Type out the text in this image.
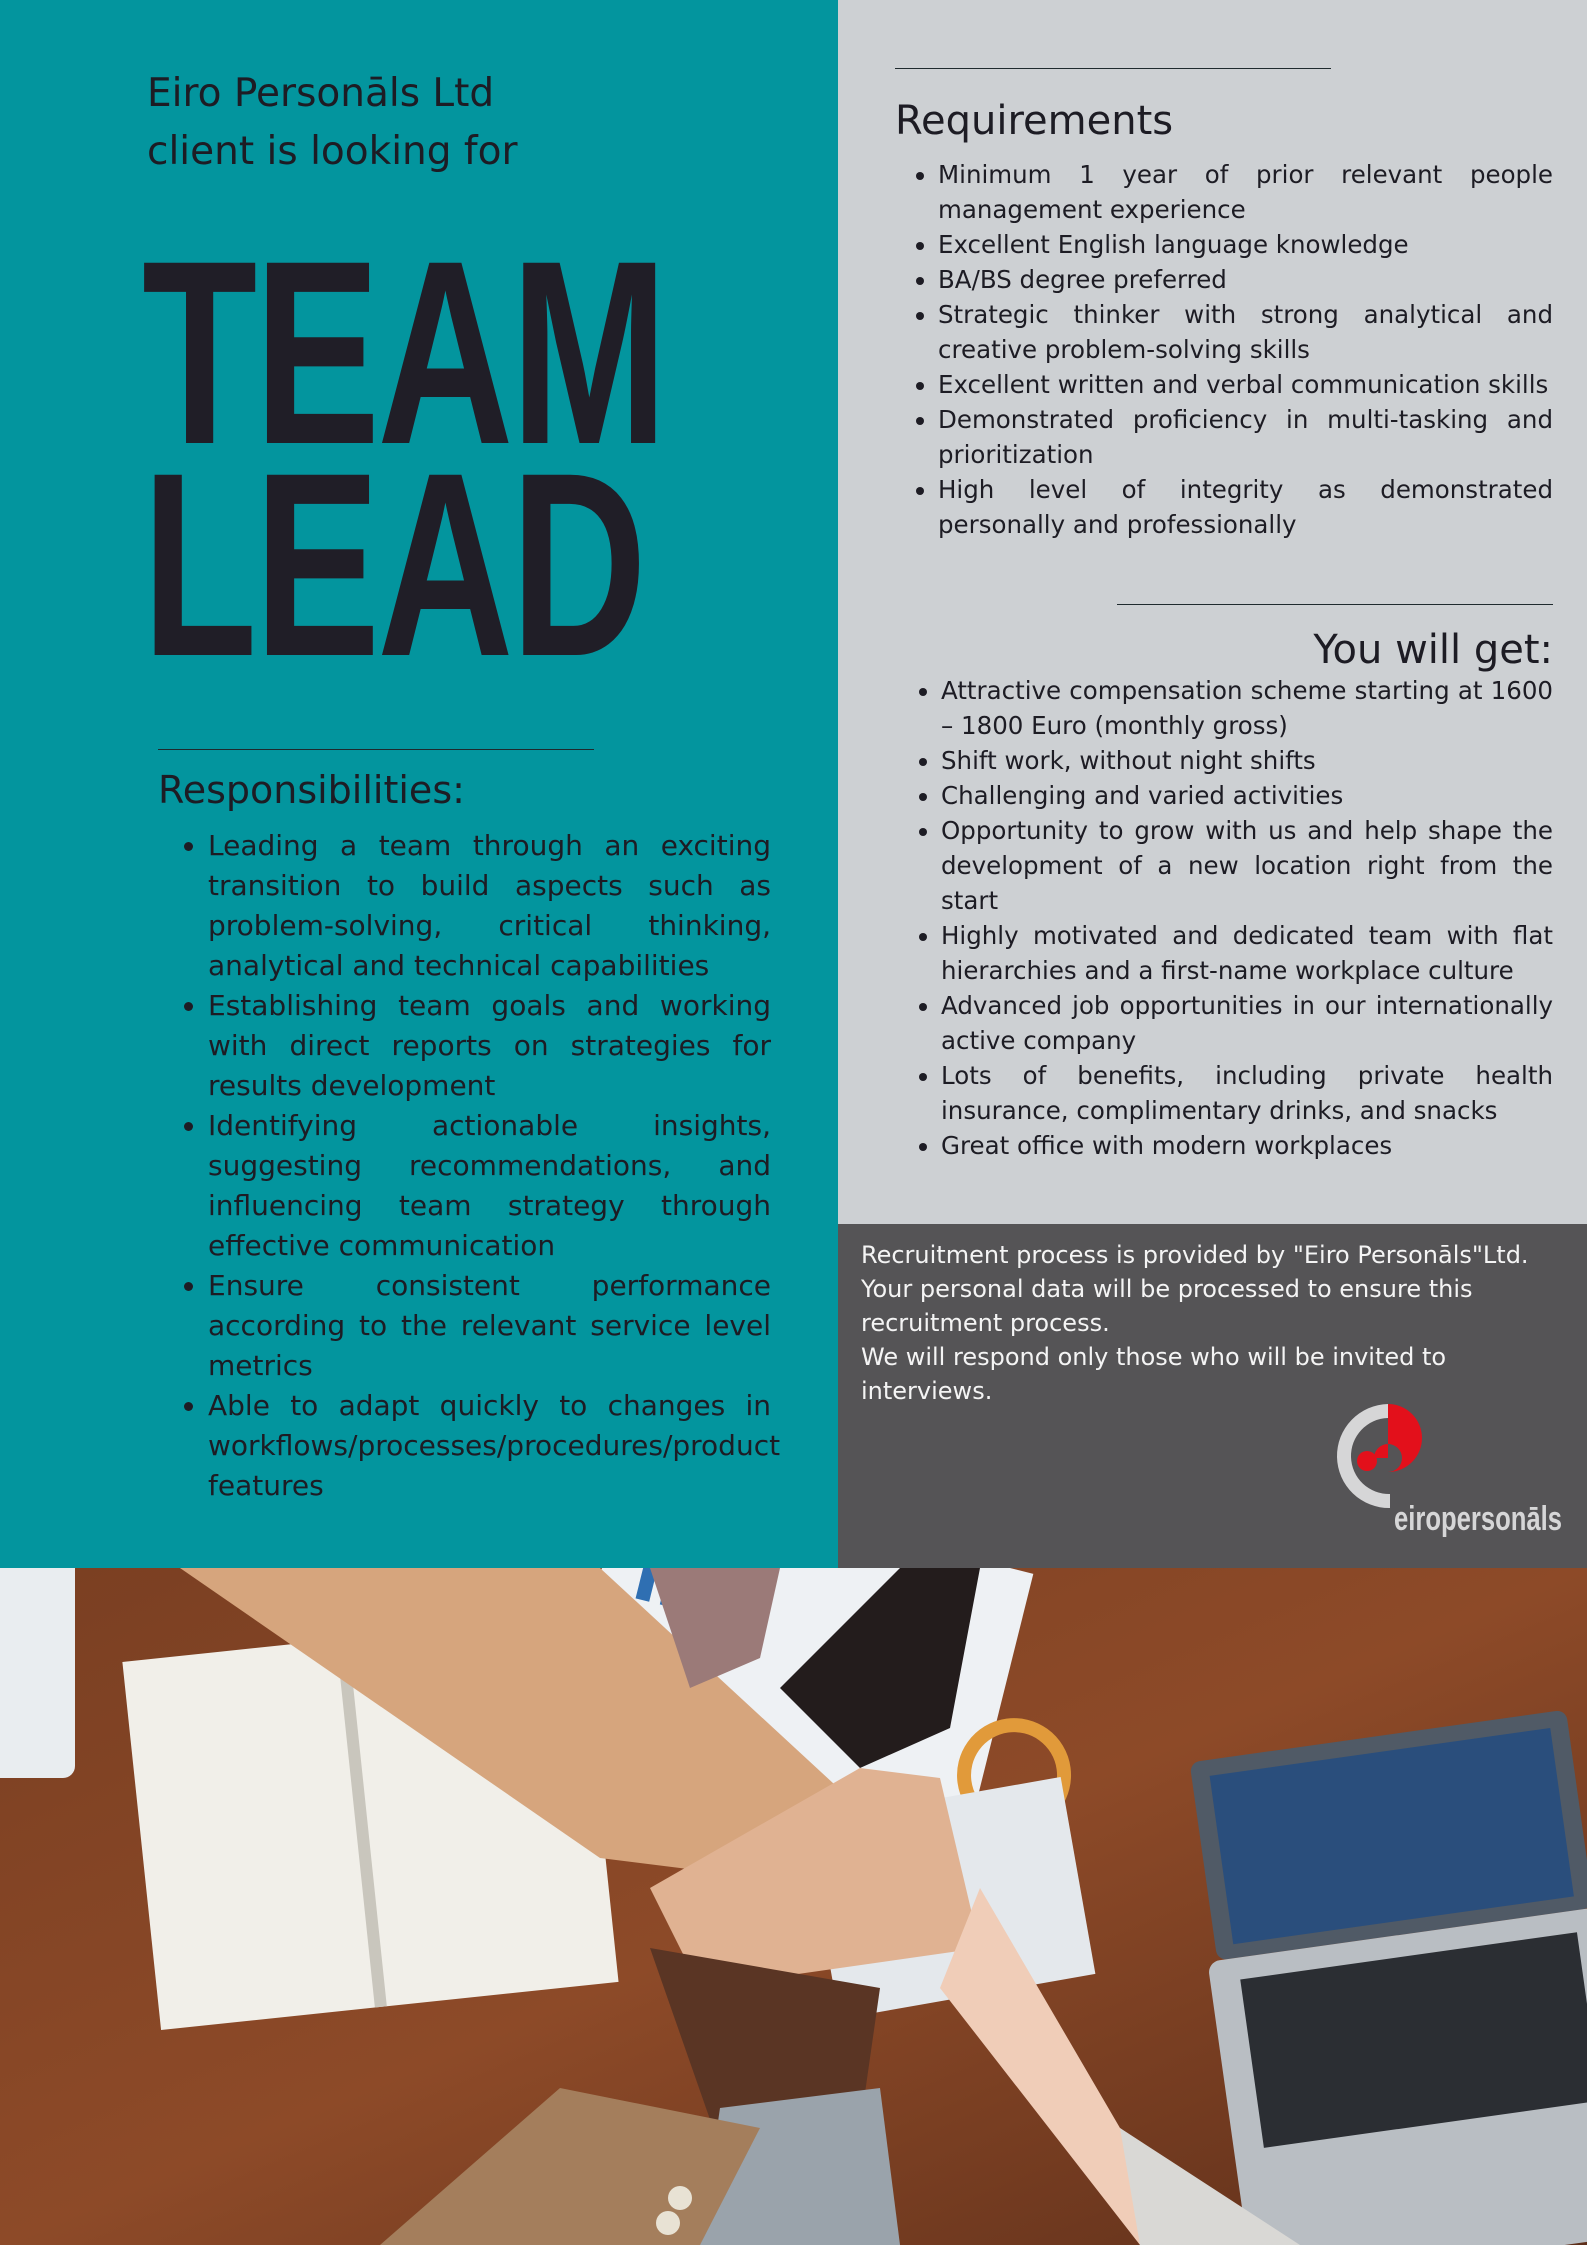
Eiro Personāls Ltd
client is looking for
TEAM
LEAD
Responsibilities:
• Leading a team through an exciting transition to build aspects such as problem-solving, critical thinking, analytical and technical capabilities
• Establishing team goals and working with direct reports on strategies for results development
• Identifying actionable insights, suggesting recommendations, and influencing team strategy through effective communication
• Ensure consistent performance according to the relevant service level metrics
• Able to adapt quickly to changes in workflows/processes/procedures/product features
Requirements
• Minimum 1 year of prior relevant people management experience
• Excellent English language knowledge
• BA/BS degree preferred
• Strategic thinker with strong analytical and creative problem-solving skills
• Excellent written and verbal communication skills
• Demonstrated proficiency in multi-tasking and prioritization
• High level of integrity as demonstrated personally and professionally
You will get:
• Attractive compensation scheme starting at 1600 – 1800 Euro (monthly gross)
• Shift work, without night shifts
• Challenging and varied activities
• Opportunity to grow with us and help shape the development of a new location right from the start
• Highly motivated and dedicated team with flat hierarchies and a first-name workplace culture
• Advanced job opportunities in our internationally active company
• Lots of benefits, including private health insurance, complimentary drinks, and snacks
• Great office with modern workplaces

Recruitment process is provided by "Eiro Personāls"Ltd.

Your personal data will be processed to ensure this recruitment process.

We will respond only those who will be invited to interviews.

eiropersonāls
